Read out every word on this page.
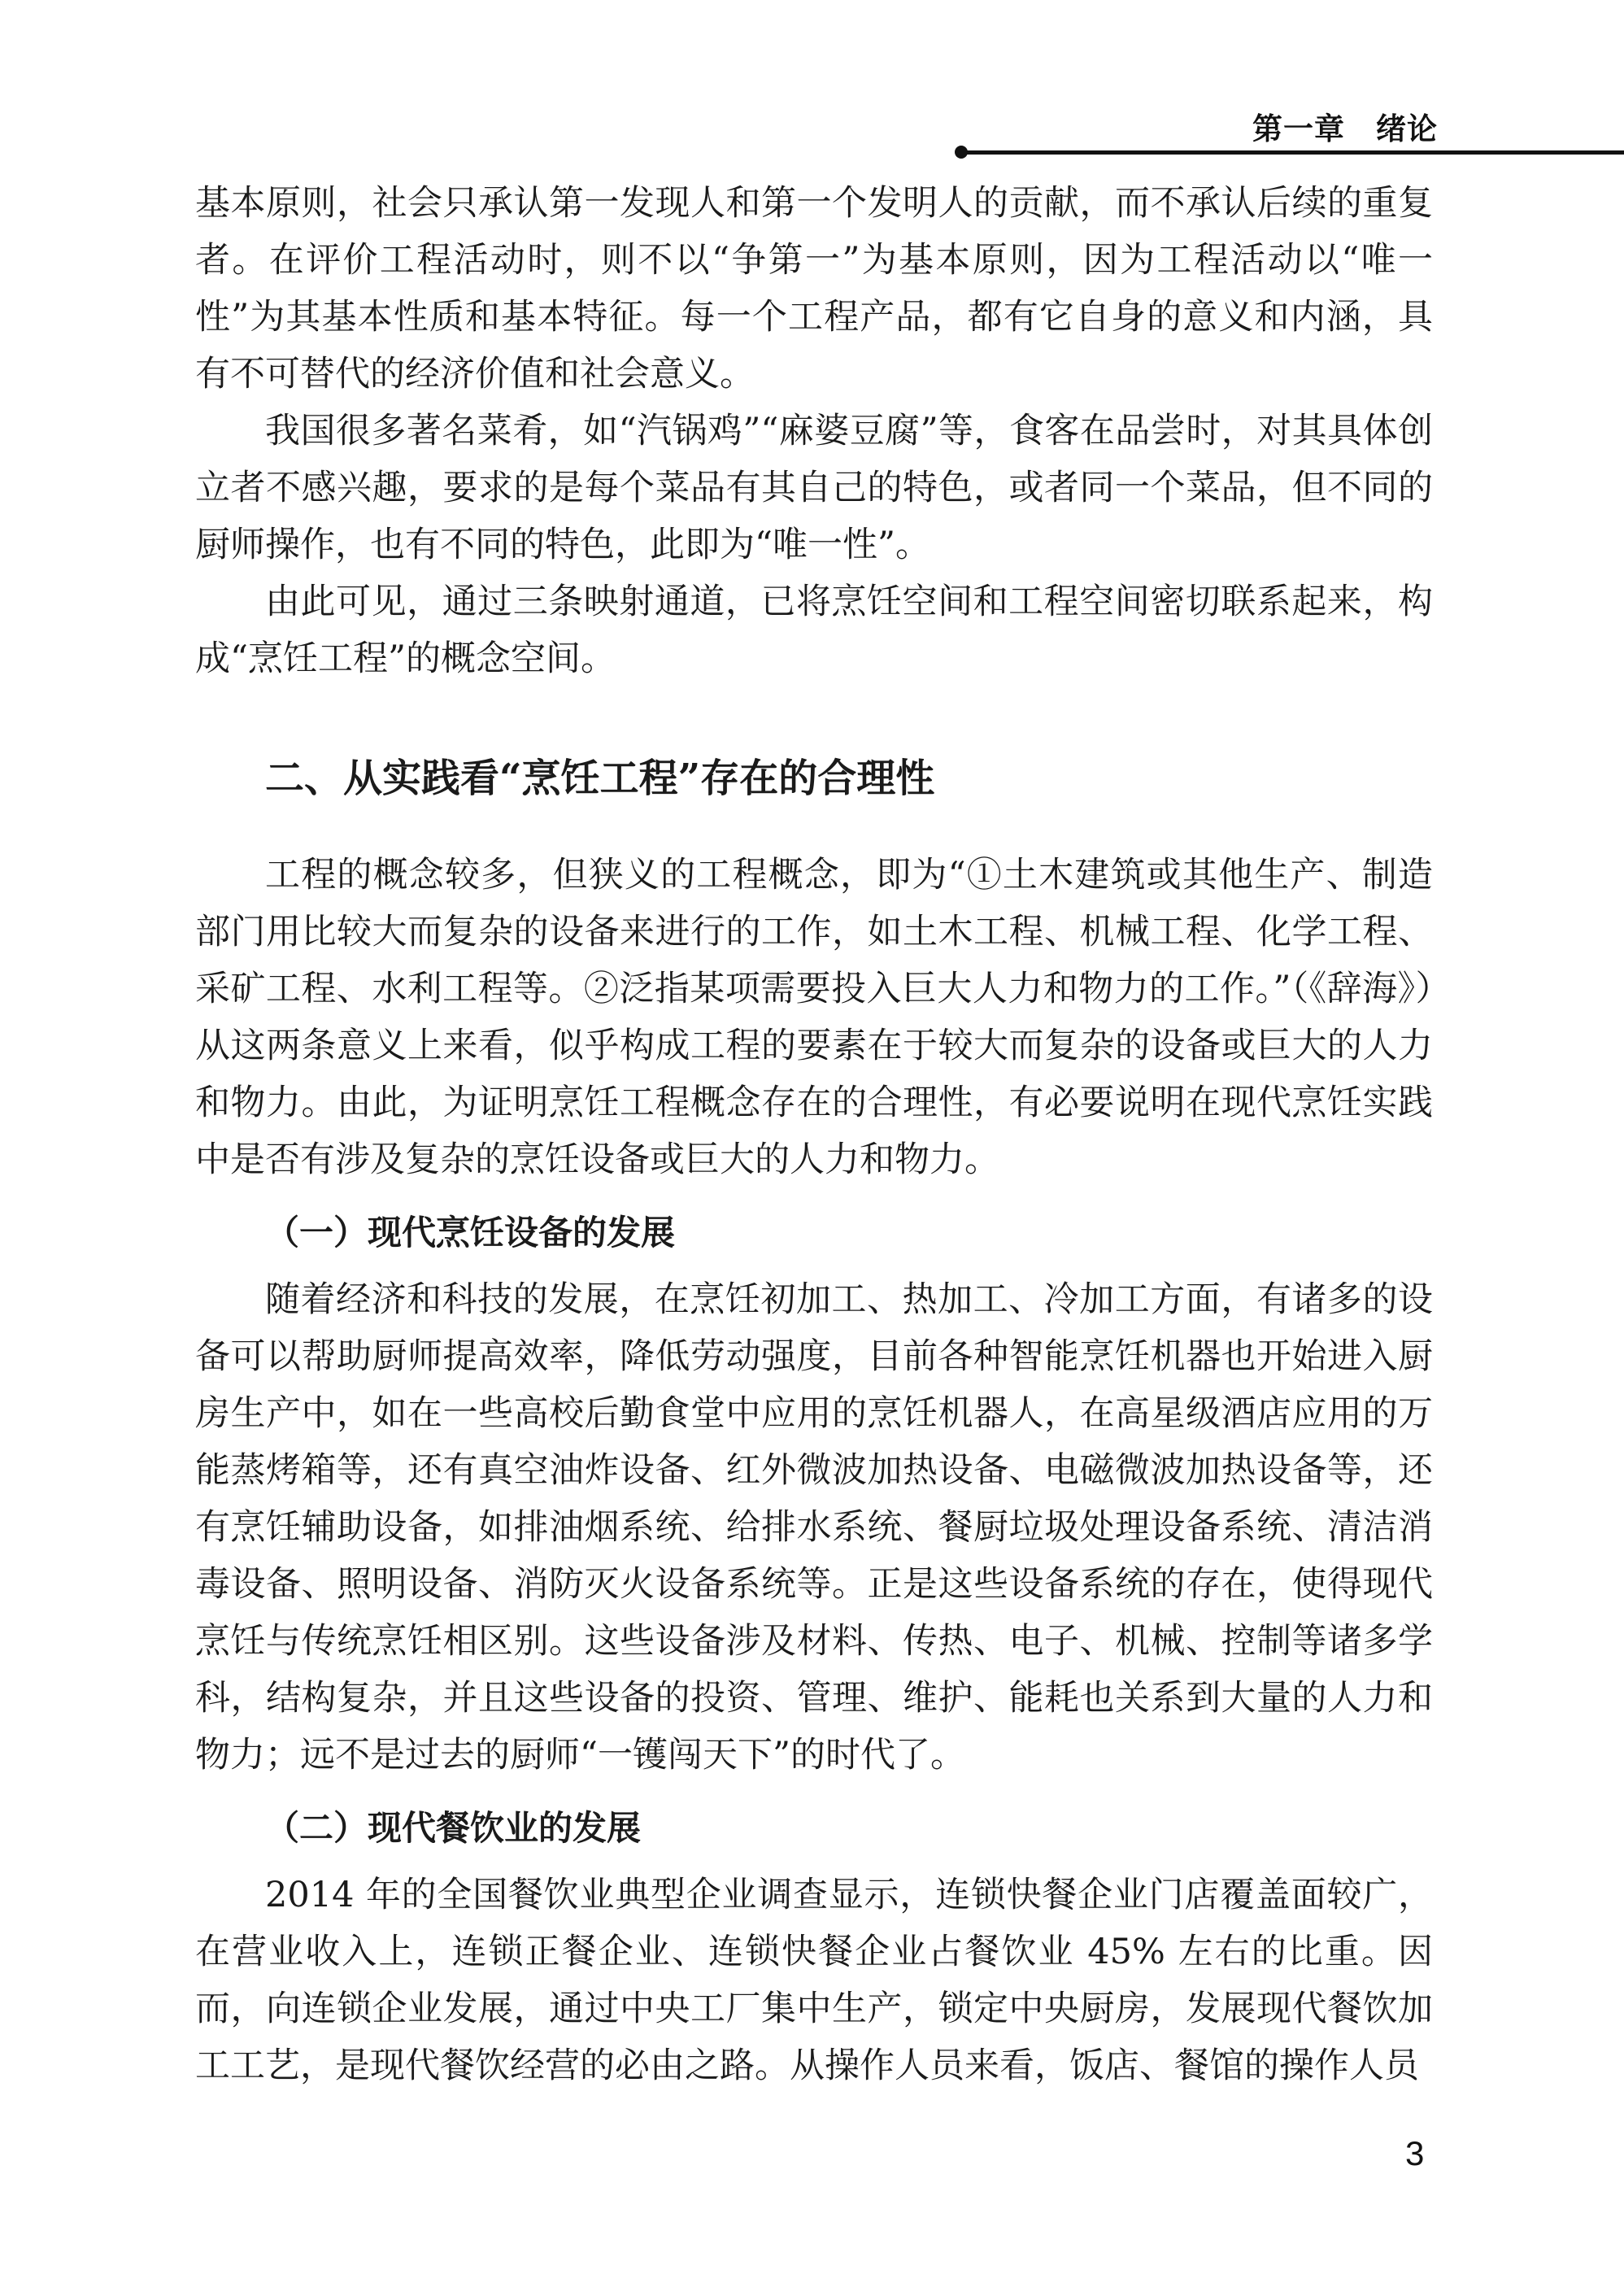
第一章　绪论

基本原则，社会只承认第一发现人和第一个发明人的贡献，而不承认后续的重复者。在评价工程活动时，则不以“争第一”为基本原则，因为工程活动以“唯一性”为其基本性质和基本特征。每一个工程产品，都有它自身的意义和内涵，具有不可替代的经济价值和社会意义。

我国很多著名菜肴，如“汽锅鸡”“麻婆豆腐”等，食客在品尝时，对其具体创立者不感兴趣，要求的是每个菜品有其自己的特色，或者同一个菜品，但不同的厨师操作，也有不同的特色，此即为“唯一性”。

由此可见，通过三条映射通道，已将烹饪空间和工程空间密切联系起来，构成“烹饪工程”的概念空间。

二、从实践看“烹饪工程”存在的合理性

工程的概念较多，但狭义的工程概念，即为“①土木建筑或其他生产、制造部门用比较大而复杂的设备来进行的工作，如土木工程、机械工程、化学工程、采矿工程、水利工程等。②泛指某项需要投入巨大人力和物力的工作。”（《辞海》）从这两条意义上来看，似乎构成工程的要素在于较大而复杂的设备或巨大的人力和物力。由此，为证明烹饪工程概念存在的合理性，有必要说明在现代烹饪实践中是否有涉及复杂的烹饪设备或巨大的人力和物力。

（一）现代烹饪设备的发展

随着经济和科技的发展，在烹饪初加工、热加工、冷加工方面，有诸多的设备可以帮助厨师提高效率，降低劳动强度，目前各种智能烹饪机器也开始进入厨房生产中，如在一些高校后勤食堂中应用的烹饪机器人，在高星级酒店应用的万能蒸烤箱等，还有真空油炸设备、红外微波加热设备、电磁微波加热设备等，还有烹饪辅助设备，如排油烟系统、给排水系统、餐厨垃圾处理设备系统、清洁消毒设备、照明设备、消防灭火设备系统等。正是这些设备系统的存在，使得现代烹饪与传统烹饪相区别。这些设备涉及材料、传热、电子、机械、控制等诸多学科，结构复杂，并且这些设备的投资、管理、维护、能耗也关系到大量的人力和物力；远不是过去的厨师“一镬闯天下”的时代了。

（二）现代餐饮业的发展

2014 年的全国餐饮业典型企业调查显示，连锁快餐企业门店覆盖面较广，在营业收入上，连锁正餐企业、连锁快餐企业占餐饮业 45% 左右的比重。因而，向连锁企业发展，通过中央工厂集中生产，锁定中央厨房，发展现代餐饮加工工艺，是现代餐饮经营的必由之路。从操作人员来看，饭店、餐馆的操作人员

3
